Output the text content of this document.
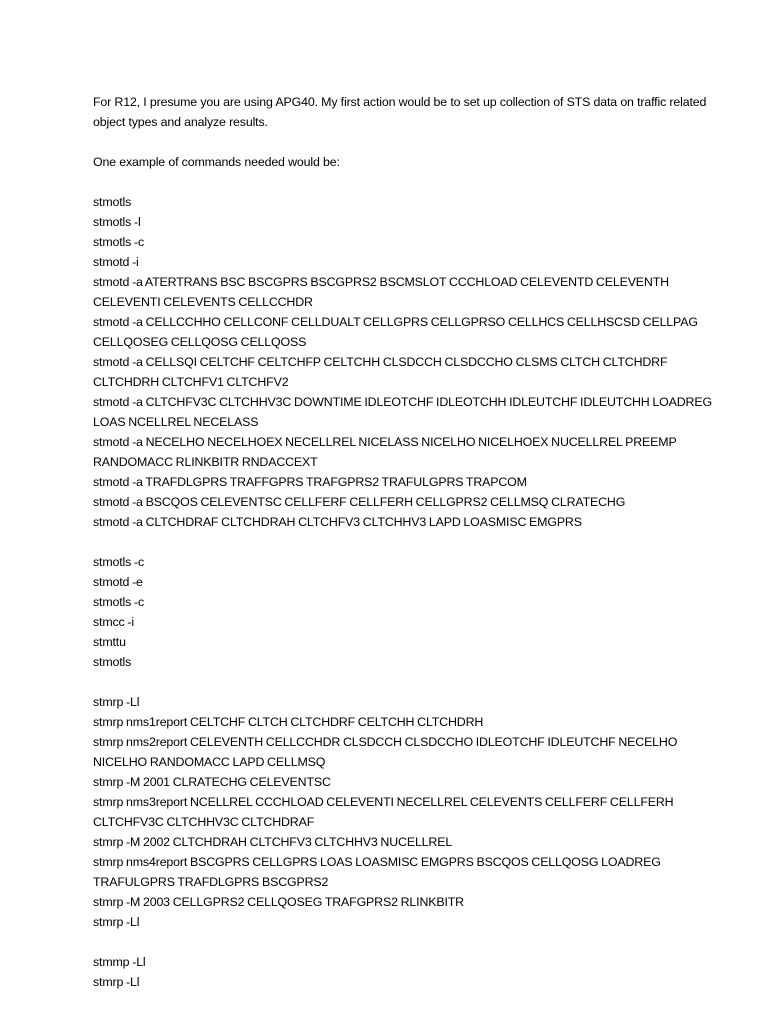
For R12, I presume you are using APG40. My first action would be to set up collection of STS data on traffic related object types and analyze results.

One example of commands needed would be:

stmotls

stmotls -l

stmotls -c

stmotd -i

stmotd -a ATERTRANS BSC BSCGPRS BSCGPRS2 BSCMSLOT CCCHLOAD CELEVENTD CELEVENTH CELEVENTI CELEVENTS CELLCCHDR

stmotd -a CELLCCHHO CELLCONF CELLDUALT CELLGPRS CELLGPRSO CELLHCS CELLHSCSD CELLPAG CELLQOSEG CELLQOSG CELLQOSS

stmotd -a CELLSQI CELTCHF CELTCHFP CELTCHH CLSDCCH CLSDCCHO CLSMS CLTCH CLTCHDRF CLTCHDRH CLTCHFV1 CLTCHFV2

stmotd -a CLTCHFV3C CLTCHHV3C DOWNTIME IDLEOTCHF IDLEOTCHH IDLEUTCHF IDLEUTCHH LOADREG LOAS NCELLREL NECELASS

stmotd -a NECELHO NECELHOEX NECELLREL NICELASS NICELHO NICELHOEX NUCELLREL PREEMP RANDOMACC RLINKBITR RNDACCEXT

stmotd -a TRAFDLGPRS TRAFFGPRS TRAFGPRS2 TRAFULGPRS TRAPCOM

stmotd -a BSCQOS CELEVENTSC CELLFERF CELLFERH CELLGPRS2 CELLMSQ CLRATECHG

stmotd -a CLTCHDRAF CLTCHDRAH CLTCHFV3 CLTCHHV3 LAPD LOASMISC EMGPRS

stmotls -c

stmotd -e

stmotls -c

stmcc -i

stmttu

stmotls

stmrp -Ll

stmrp nms1report CELTCHF CLTCH CLTCHDRF CELTCHH CLTCHDRH

stmrp nms2report CELEVENTH CELLCCHDR CLSDCCH CLSDCCHO IDLEOTCHF IDLEUTCHF NECELHO NICELHO RANDOMACC LAPD CELLMSQ

stmrp -M 2001 CLRATECHG CELEVENTSC

stmrp nms3report NCELLREL CCCHLOAD CELEVENTI NECELLREL CELEVENTS CELLFERF CELLFERH CLTCHFV3C CLTCHHV3C CLTCHDRAF

stmrp -M 2002 CLTCHDRAH CLTCHFV3 CLTCHHV3 NUCELLREL

stmrp nms4report BSCGPRS CELLGPRS LOAS LOASMISC EMGPRS BSCQOS CELLQOSG LOADREG TRAFULGPRS TRAFDLGPRS BSCGPRS2

stmrp -M 2003 CELLGPRS2 CELLQOSEG TRAFGPRS2 RLINKBITR

stmrp -Ll

stmmp -Ll

stmrp -Ll
